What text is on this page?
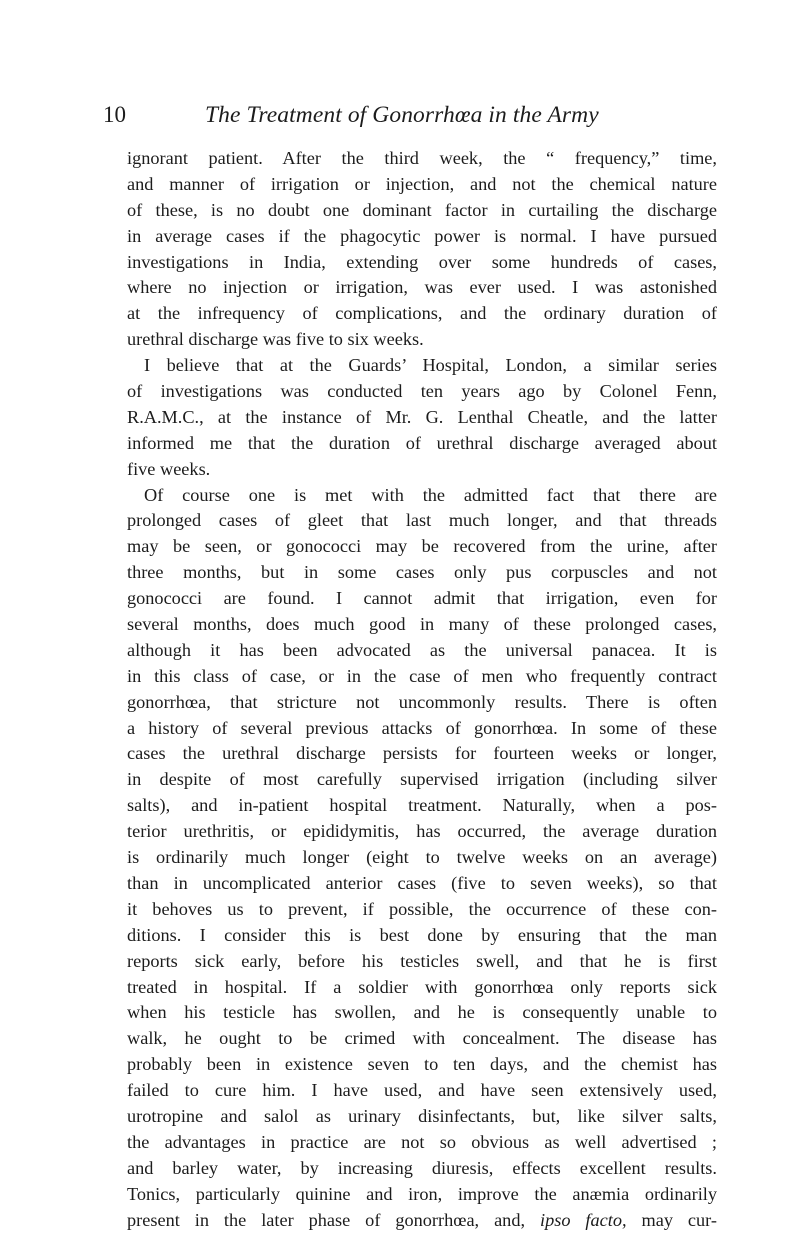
10	The Treatment of Gonorrhœa in the Army
ignorant patient. After the third week, the “ frequency,” time,
and manner of irrigation or injection, and not the chemical nature
of these, is no doubt one dominant factor in curtailing the discharge
in average cases if the phagocytic power is normal. I have pursued
investigations in India, extending over some hundreds of cases,
where no injection or irrigation, was ever used. I was astonished
at the infrequency of complications, and the ordinary duration of
urethral discharge was five to six weeks.
I believe that at the Guards’ Hospital, London, a similar series
of investigations was conducted ten years ago by Colonel Fenn,
R.A.M.C., at the instance of Mr. G. Lenthal Cheatle, and the latter
informed me that the duration of urethral discharge averaged about
five weeks.
Of course one is met with the admitted fact that there are
prolonged cases of gleet that last much longer, and that threads
may be seen, or gonococci may be recovered from the urine, after
three months, but in some cases only pus corpuscles and not
gonococci are found. I cannot admit that irrigation, even for
several months, does much good in many of these prolonged cases,
although it has been advocated as the universal panacea. It is
in this class of case, or in the case of men who frequently contract
gonorrhœa, that stricture not uncommonly results. There is often
a history of several previous attacks of gonorrhœa. In some of these
cases the urethral discharge persists for fourteen weeks or longer,
in despite of most carefully supervised irrigation (including silver
salts), and in-patient hospital treatment. Naturally, when a pos-
terior urethritis, or epididymitis, has occurred, the average duration
is ordinarily much longer (eight to twelve weeks on an average)
than in uncomplicated anterior cases (five to seven weeks), so that
it behoves us to prevent, if possible, the occurrence of these con-
ditions. I consider this is best done by ensuring that the man
reports sick early, before his testicles swell, and that he is first
treated in hospital. If a soldier with gonorrhœa only reports sick
when his testicle has swollen, and he is consequently unable to
walk, he ought to be crimed with concealment. The disease has
probably been in existence seven to ten days, and the chemist has
failed to cure him. I have used, and have seen extensively used,
urotropine and salol as urinary disinfectants, but, like silver salts,
the advantages in practice are not so obvious as well advertised ;
and barley water, by increasing diuresis, effects excellent results.
Tonics, particularly quinine and iron, improve the anæmia ordinarily
present in the later phase of gonorrhœa, and, ipso facto, may cur-
